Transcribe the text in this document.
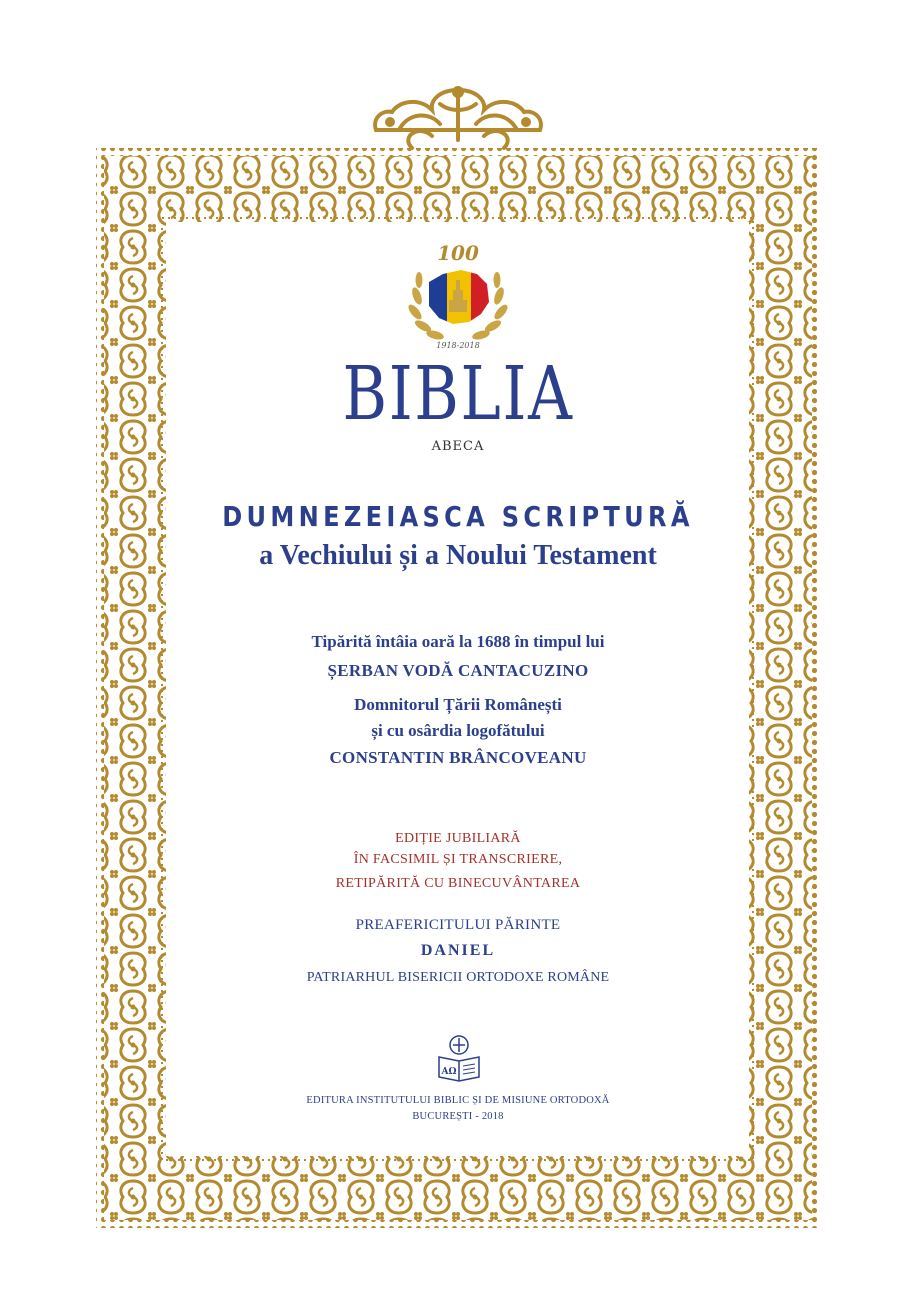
100
1918-2018
BIBLIA
ABECA
DUMNEZEIASCA SCRIPTURĂ
a Vechiului și a Noului Testament
Tipărită întâia oară la 1688 în timpul lui
ȘERBAN VODĂ CANTACUZINO
Domnitorul Țării Românești
și cu osârdia logofătului
CONSTANTIN BRÂNCOVEANU
EDIȚIE JUBILIARĂ
ÎN FACSIMIL ȘI TRANSCRIERE,
RETIPĂRITĂ CU BINECUVÂNTAREA
PREAFERICITULUI PĂRINTE
DANIEL
PATRIARHUL BISERICII ORTODOXE ROMÂNE
AΩ
EDITURA INSTITUTULUI BIBLIC ȘI DE MISIUNE ORTODOXĂ
BUCUREȘTI - 2018
